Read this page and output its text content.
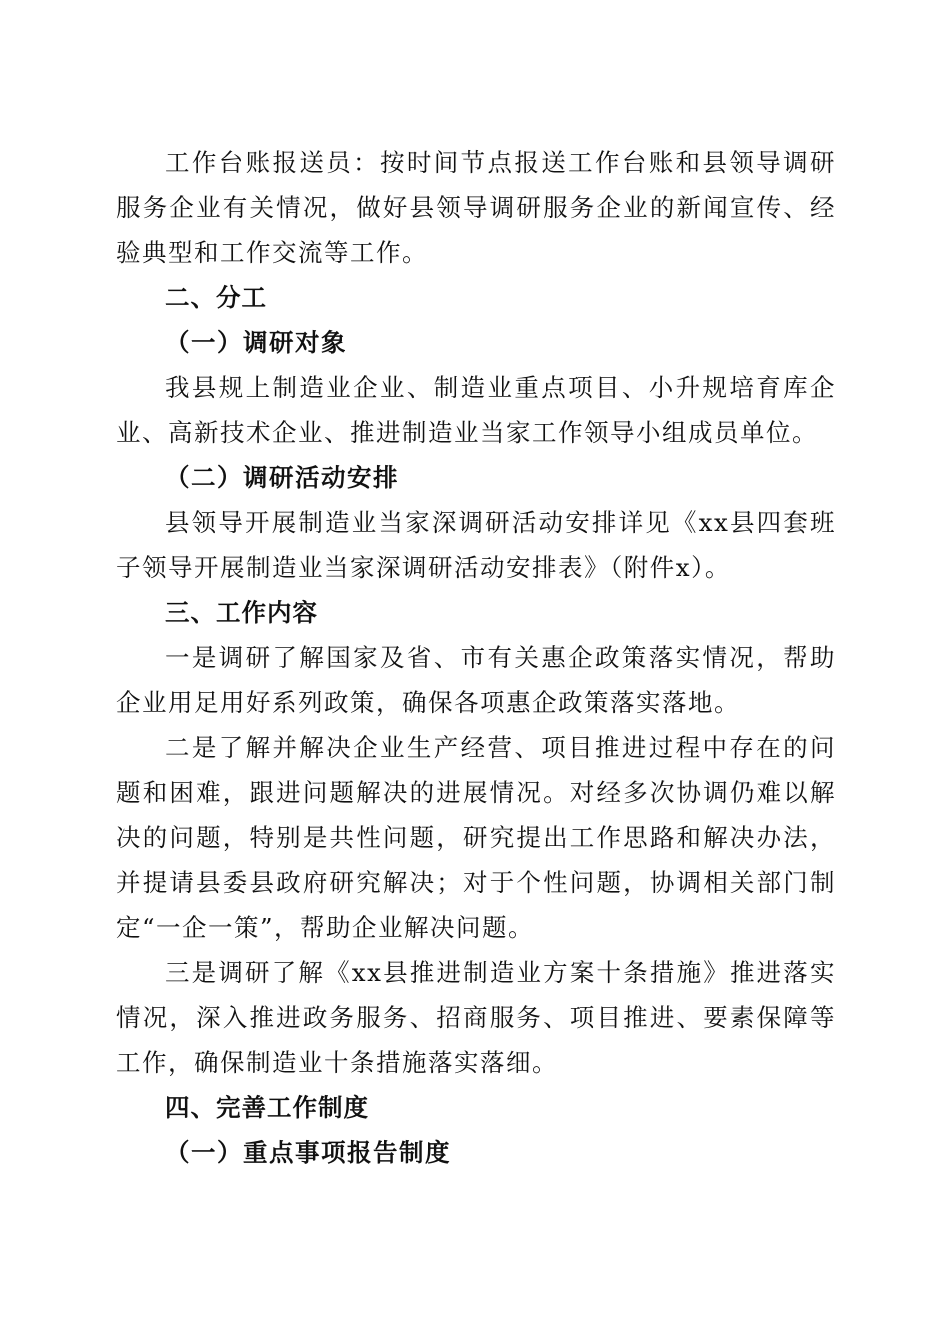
工作台账报送员：按时间节点报送工作台账和县领导调研服务企业有关情况，做好县领导调研服务企业的新闻宣传、经验典型和工作交流等工作。

二、分工

（一）调研对象

我县规上制造业企业、制造业重点项目、小升规培育库企业、高新技术企业、推进制造业当家工作领导小组成员单位。

（二）调研活动安排

县领导开展制造业当家深调研活动安排详见《xx县四套班子领导开展制造业当家深调研活动安排表》（附件x）。

三、工作内容

一是调研了解国家及省、市有关惠企政策落实情况，帮助企业用足用好系列政策，确保各项惠企政策落实落地。

二是了解并解决企业生产经营、项目推进过程中存在的问题和困难，跟进问题解决的进展情况。对经多次协调仍难以解决的问题，特别是共性问题，研究提出工作思路和解决办法，并提请县委县政府研究解决；对于个性问题，协调相关部门制定“一企一策”，帮助企业解决问题。

三是调研了解《xx县推进制造业方案十条措施》推进落实情况，深入推进政务服务、招商服务、项目推进、要素保障等工作，确保制造业十条措施落实落细。

四、完善工作制度

（一）重点事项报告制度
